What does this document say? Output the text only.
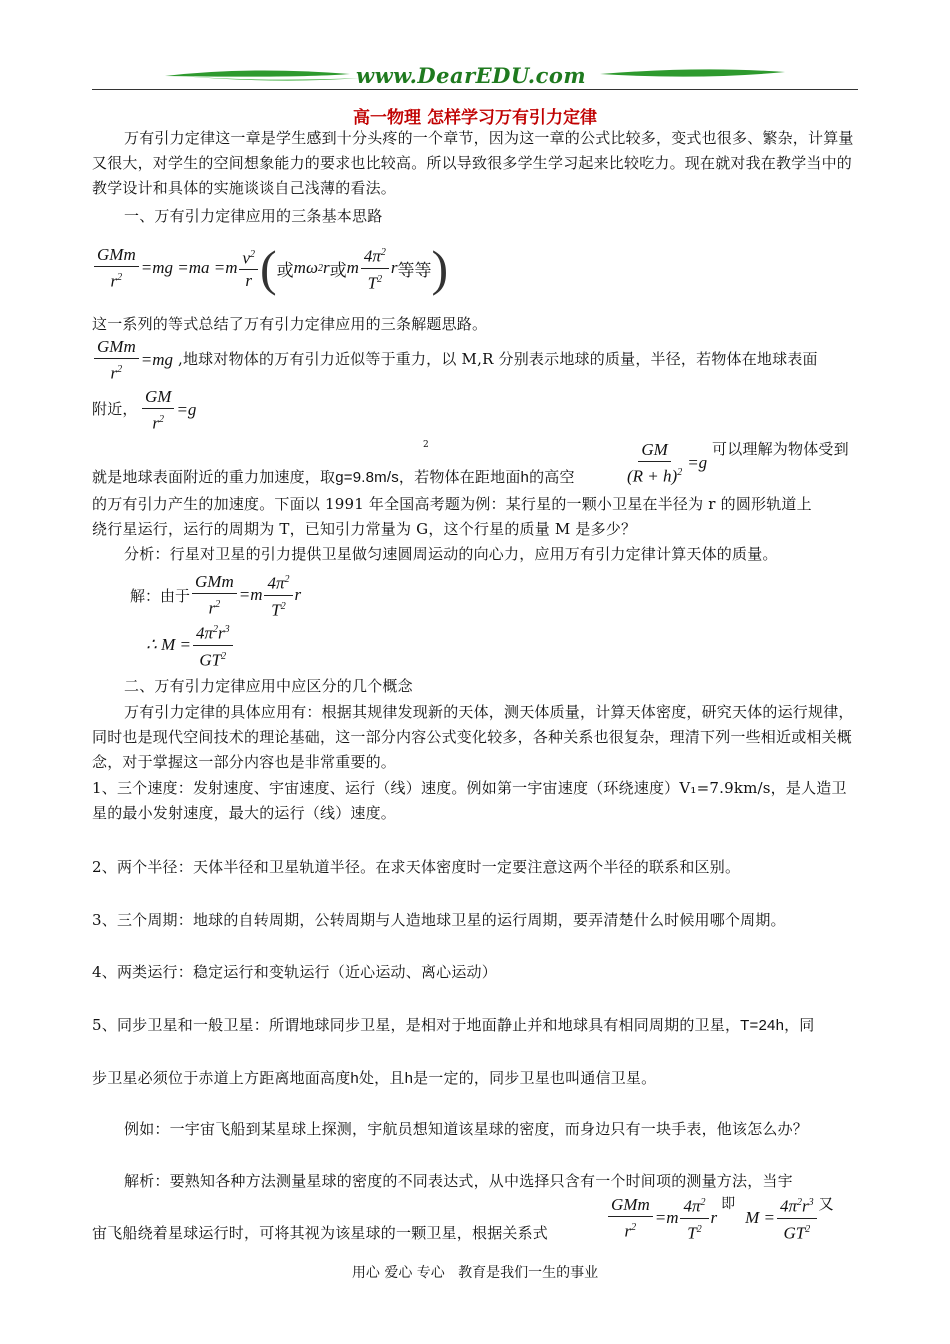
www.DearEDU.com
高一物理 怎样学习万有引力定律
万有引力定律这一章是学生感到十分头疼的一个章节，因为这一章的公式比较多，变式也很多、繁杂，计算量又很大，对学生的空间想象能力的要求也比较高。所以导致很多学生学习起来比较吃力。现在就对我在教学当中的教学设计和具体的实施谈谈自己浅薄的看法。
一、万有引力定律应用的三条基本思路
$\frac{\text{GMm}}{r^2} =mg =ma =m \frac{v^2}{r}$ ( 或 mω 2 r 或 m $\frac{4\pi^2}{T^2}$ r 等等 )
这一系列的等式总结了万有引力定律应用的三条解题思路。
$\frac{\text{GMm}}{r^2} =mg$ ,地球对物体的万有引力近似等于重力，以 M,R 分别表示地球的质量，半径，若物体在地球表面
附近， $\frac{GM}{r^2} =g$
2	$\frac{GM}{(R + h)^2} =g$
可以理解为物体受到
就是地球表面附近的重力加速度，取g=9.8m/s，若物体在距地面h的高空
的万有引力产生的加速度。下面以 1991 年全国高考题为例：某行星的一颗小卫星在半径为 r 的圆形轨道上
绕行星运行，运行的周期为 T，已知引力常量为 G，这个行星的质量 M 是多少？
分析：行星对卫星的引力提供卫星做匀速圆周运动的向心力，应用万有引力定律计算天体的质量。
解：由于 $\frac{\text{GMm}}{r^2} =m \frac{4\pi^2}{T^2}$ r
∴ $M = \frac{4\pi^2r^3}{GT^2}$
二、万有引力定律应用中应区分的几个概念
万有引力定律的具体应用有：根据其规律发现新的天体，测天体质量，计算天体密度，研究天体的运行规律，同时也是现代空间技术的理论基础，这一部分内容公式变化较多，各种关系也很复杂，理清下列一些相近或相关概念，对于掌握这一部分内容也是非常重要的。
1、三个速度：发射速度、宇宙速度、运行（线）速度。例如第一宇宙速度（环绕速度）V₁=7.9km/s，是人造卫星的最小发射速度，最大的运行（线）速度。
2、两个半径：天体半径和卫星轨道半径。在求天体密度时一定要注意这两个半径的联系和区别。
3、三个周期：地球的自转周期，公转周期与人造地球卫星的运行周期，要弄清楚什么时候用哪个周期。
4、两类运行：稳定运行和变轨运行（近心运动、离心运动）
5、同步卫星和一般卫星：所谓地球同步卫星，是相对于地面静止并和地球具有相同周期的卫星，T=24h，同
步卫星必须位于赤道上方距离地面高度h处，且h是一定的，同步卫星也叫通信卫星。
例如：一宇宙飞船到某星球上探测，宇航员想知道该星球的密度，而身边只有一块手表，他该怎么办？
解析：要熟知各种方法测量星球的密度的不同表达式，从中选择只含有一个时间项的测量方法，当宇
宙飞船绕着星球运行时，可将其视为该星球的一颗卫星，根据关系式	$\frac{\text{GMm}}{r^2} =m \frac{4\pi^2}{T^2}$ r
即
$M = \frac{4\pi^2r^3}{GT^2}$ 又
用心 爱心 专心   教育是我们一生的事业
